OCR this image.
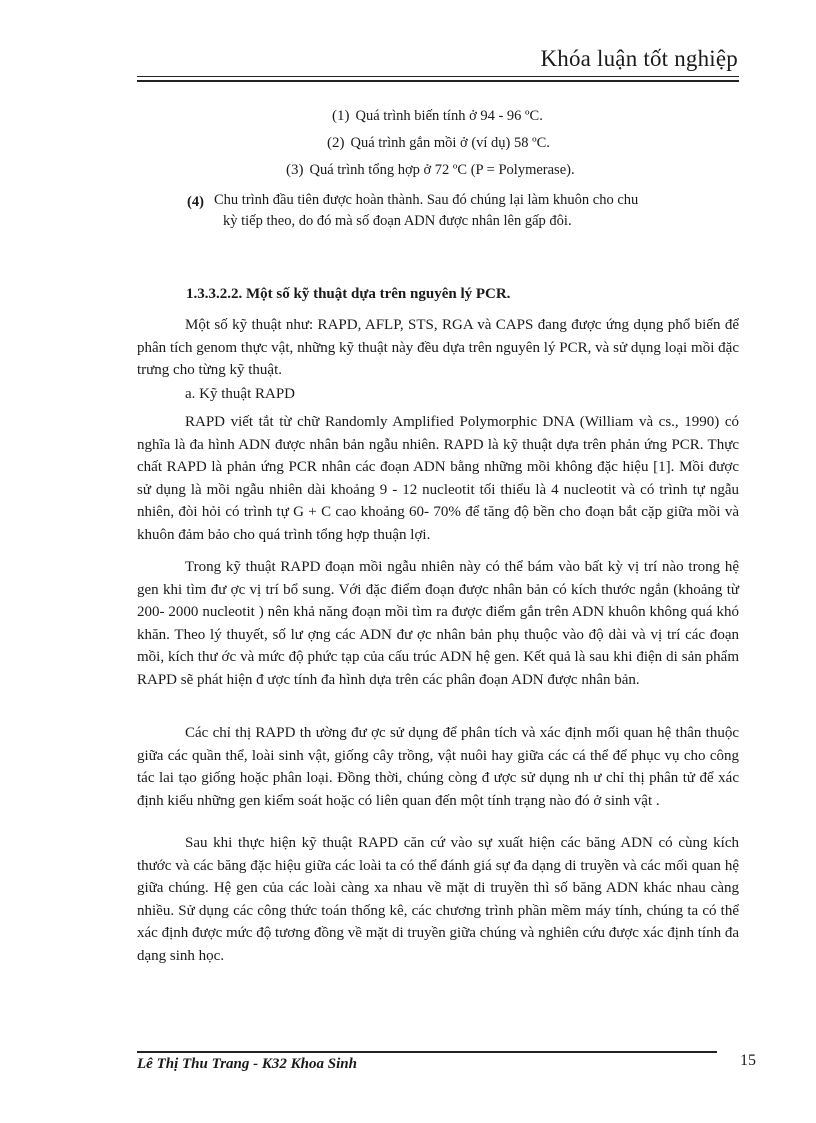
Khóa luận tốt nghiệp
(1) Quá trình biến tính ở 94 - 96 ºC.
(2) Quá trình gắn mồi ở (ví dụ) 58 ºC.
(3) Quá trình tổng hợp ở 72 ºC (P = Polymerase).
(4) Chu trình đầu tiên được hoàn thành. Sau đó chúng lại làm khuôn cho chu
kỳ tiếp theo, do đó mà số đoạn ADN được nhân lên gấp đôi.
1.3.3.2.2. Một số kỹ thuật dựa trên nguyên lý PCR.
Một số kỹ thuật như: RAPD, AFLP, STS, RGA và CAPS đang được ứng dụng phổ biến để phân tích genom thực vật, những kỹ thuật này đều dựa trên nguyên lý PCR, và sử dụng loại mồi đặc trưng cho từng kỹ thuật.
a. Kỹ thuật RAPD
RAPD viết tắt từ chữ Randomly Amplified Polymorphic DNA (William và cs., 1990) có nghĩa là đa hình ADN được nhân bản ngẫu nhiên. RAPD là kỹ thuật dựa trên phản ứng PCR. Thực chất RAPD là phản ứng PCR nhân các đoạn ADN bằng những mồi không đặc hiệu [1]. Mồi được sử dụng là mồi ngẫu nhiên dài khoảng 9 - 12 nucleotit tối thiểu là 4 nucleotit và có trình tự ngẫu nhiên, đòi hỏi có trình tự G + C cao khoảng 60- 70% để tăng độ bền cho đoạn bắt cặp giữa mồi và khuôn đảm bảo cho quá trình tổng hợp thuận lợi.
Trong kỹ thuật RAPD đoạn mồi ngẫu nhiên này có thể bám vào bất kỳ vị trí nào trong hệ gen khi tìm đư ợc vị trí bổ sung. Với đặc điểm đoạn được nhân bản có kích thước ngắn (khoảng từ 200- 2000 nucleotit ) nên khả năng đoạn mồi tìm ra được điểm gắn trên ADN khuôn không quá khó khăn. Theo lý thuyết, số lư ợng các ADN đư ợc nhân bản phụ thuộc vào độ dài và vị trí các đoạn mồi, kích thư ớc và mức độ phức tạp của cấu trúc ADN hệ gen. Kết quả là sau khi điện di sản phẩm RAPD sẽ phát hiện đ ược tính đa hình dựa trên các phân đoạn ADN được nhân bản.
Các chỉ thị RAPD th ường đư ợc sử dụng để phân tích và xác định mối quan hệ thân thuộc giữa các quần thể, loài sinh vật, giống cây trồng, vật nuôi hay giữa các cá thể để phục vụ cho công tác lai tạo giống hoặc phân loại. Đồng thời, chúng còng đ ược sử dụng nh ư chỉ thị phân tử để xác định kiểu những gen kiểm soát hoặc có liên quan đến một tính trạng nào đó ở sinh vật .
Sau khi thực hiện kỹ thuật RAPD căn cứ vào sự xuất hiện các băng ADN có cùng kích thước và các băng đặc hiệu giữa các loài ta có thể đánh giá sự đa dạng di truyền và các mối quan hệ giữa chúng. Hệ gen của các loài càng xa nhau về mặt di truyền thì số băng ADN khác nhau càng nhiều. Sử dụng các công thức toán thống kê, các chương trình phần mềm máy tính, chúng ta có thể xác định được mức độ tương đồng về mặt di truyền giữa chúng và nghiên cứu được xác định tính đa dạng sinh học.
Lê Thị Thu Trang - K32 Khoa Sinh	15
